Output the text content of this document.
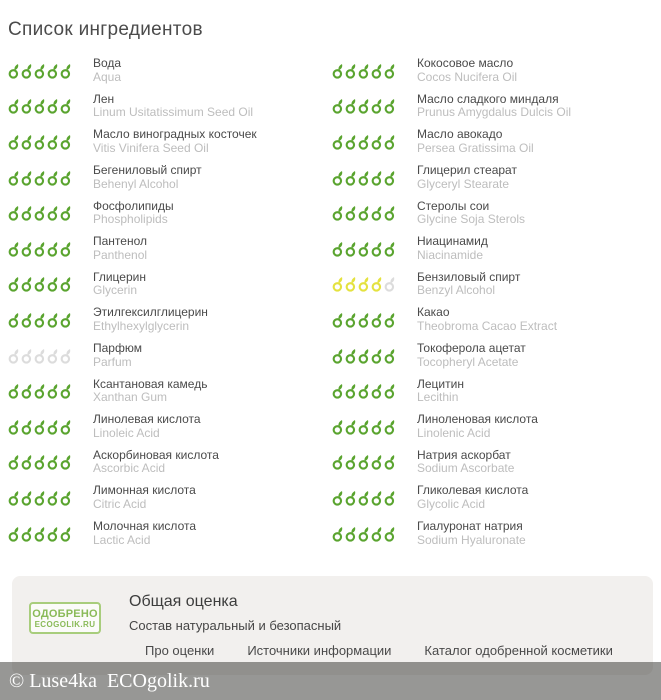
Список ингредиентов
Вода
Aqua
Лен
Linum Usitatissimum Seed Oil
Масло виноградных косточек
Vitis Vinifera Seed Oil
Бегениловый спирт
Behenyl Alcohol
Фосфолипиды
Phospholipids
Пантенол
Panthenol
Глицерин
Glycerin
Этилгексилглицерин
Ethylhexylglycerin
Парфюм
Parfum
Ксантановая камедь
Xanthan Gum
Линолевая кислота
Linoleic Acid
Аскорбиновая кислота
Ascorbic Acid
Лимонная кислота
Citric Acid
Молочная кислота
Lactic Acid
Кокосовое масло
Cocos Nucifera Oil
Масло сладкого миндаля
Prunus Amygdalus Dulcis Oil
Масло авокадо
Persea Gratissima Oil
Глицерил стеарат
Glyceryl Stearate
Стеролы сои
Glycine Soja Sterols
Ниацинамид
Niacinamide
Бензиловый спирт
Benzyl Alcohol
Какао
Theobroma Cacao Extract
Токоферола ацетат
Tocopheryl Acetate
Лецитин
Lecithin
Линоленовая кислота
Linolenic Acid
Натрия аскорбат
Sodium Ascorbate
Гликолевая кислота
Glycolic Acid
Гиалуронат натрия
Sodium Hyaluronate
ОДОБРЕНО
ECOGOLIK.RU
Общая оценка
Состав натуральный и безопасный
Про оценки	Источники информации	Каталог одобренной косметики
© Luse4ka  ECOgolik.ru
